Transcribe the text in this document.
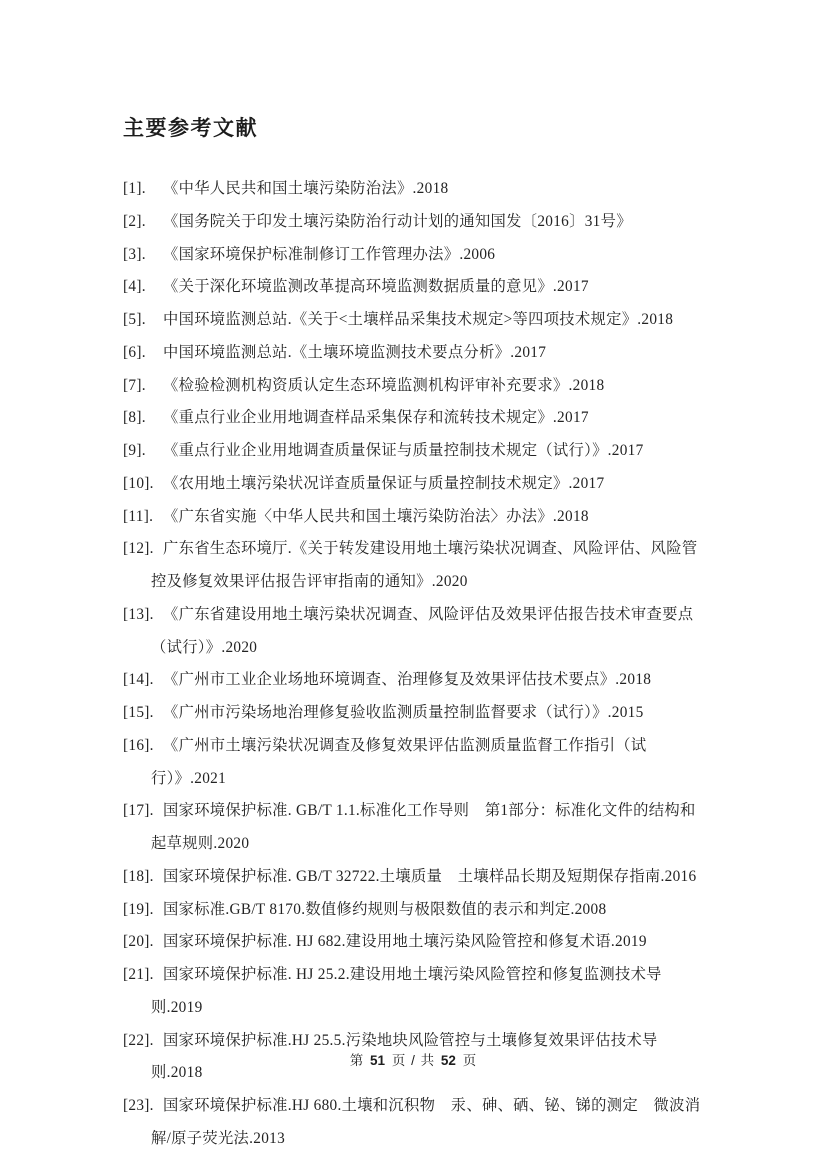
主要参考文献

[1]. 《中华人民共和国土壤污染防治法》.2018

[2]. 《国务院关于印发土壤污染防治行动计划的通知国发〔2016〕31号》

[3]. 《国家环境保护标准制修订工作管理办法》.2006

[4]. 《关于深化环境监测改革提高环境监测数据质量的意见》.2017

[5]. 中国环境监测总站.《关于<土壤样品采集技术规定>等四项技术规定》.2018

[6]. 中国环境监测总站.《土壤环境监测技术要点分析》.2017

[7]. 《检验检测机构资质认定生态环境监测机构评审补充要求》.2018

[8]. 《重点行业企业用地调查样品采集保存和流转技术规定》.2017

[9]. 《重点行业企业用地调查质量保证与质量控制技术规定（试行）》.2017

[10]. 《农用地土壤污染状况详查质量保证与质量控制技术规定》.2017

[11]. 《广东省实施〈中华人民共和国土壤污染防治法〉办法》.2018

[12]. 广东省生态环境厅.《关于转发建设用地土壤污染状况调查、风险评估、风险管控及修复效果评估报告评审指南的通知》.2020

[13]. 《广东省建设用地土壤污染状况调查、风险评估及效果评估报告技术审查要点（试行）》.2020

[14]. 《广州市工业企业场地环境调查、治理修复及效果评估技术要点》.2018

[15]. 《广州市污染场地治理修复验收监测质量控制监督要求（试行）》.2015

[16]. 《广州市土壤污染状况调查及修复效果评估监测质量监督工作指引（试行）》.2021

[17]. 国家环境保护标准. GB/T 1.1.标准化工作导则　第1部分：标准化文件的结构和起草规则.2020

[18]. 国家环境保护标准. GB/T 32722.土壤质量　土壤样品长期及短期保存指南.2016

[19]. 国家标准.GB/T 8170.数值修约规则与极限数值的表示和判定.2008

[20]. 国家环境保护标准. HJ 682.建设用地土壤污染风险管控和修复术语.2019

[21]. 国家环境保护标准. HJ 25.2.建设用地土壤污染风险管控和修复监测技术导则.2019

[22]. 国家环境保护标准.HJ 25.5.污染地块风险管控与土壤修复效果评估技术导则.2018

[23]. 国家环境保护标准.HJ 680.土壤和沉积物　汞、砷、硒、铋、锑的测定　微波消解/原子荧光法.2013

第 51 页 / 共 52 页
